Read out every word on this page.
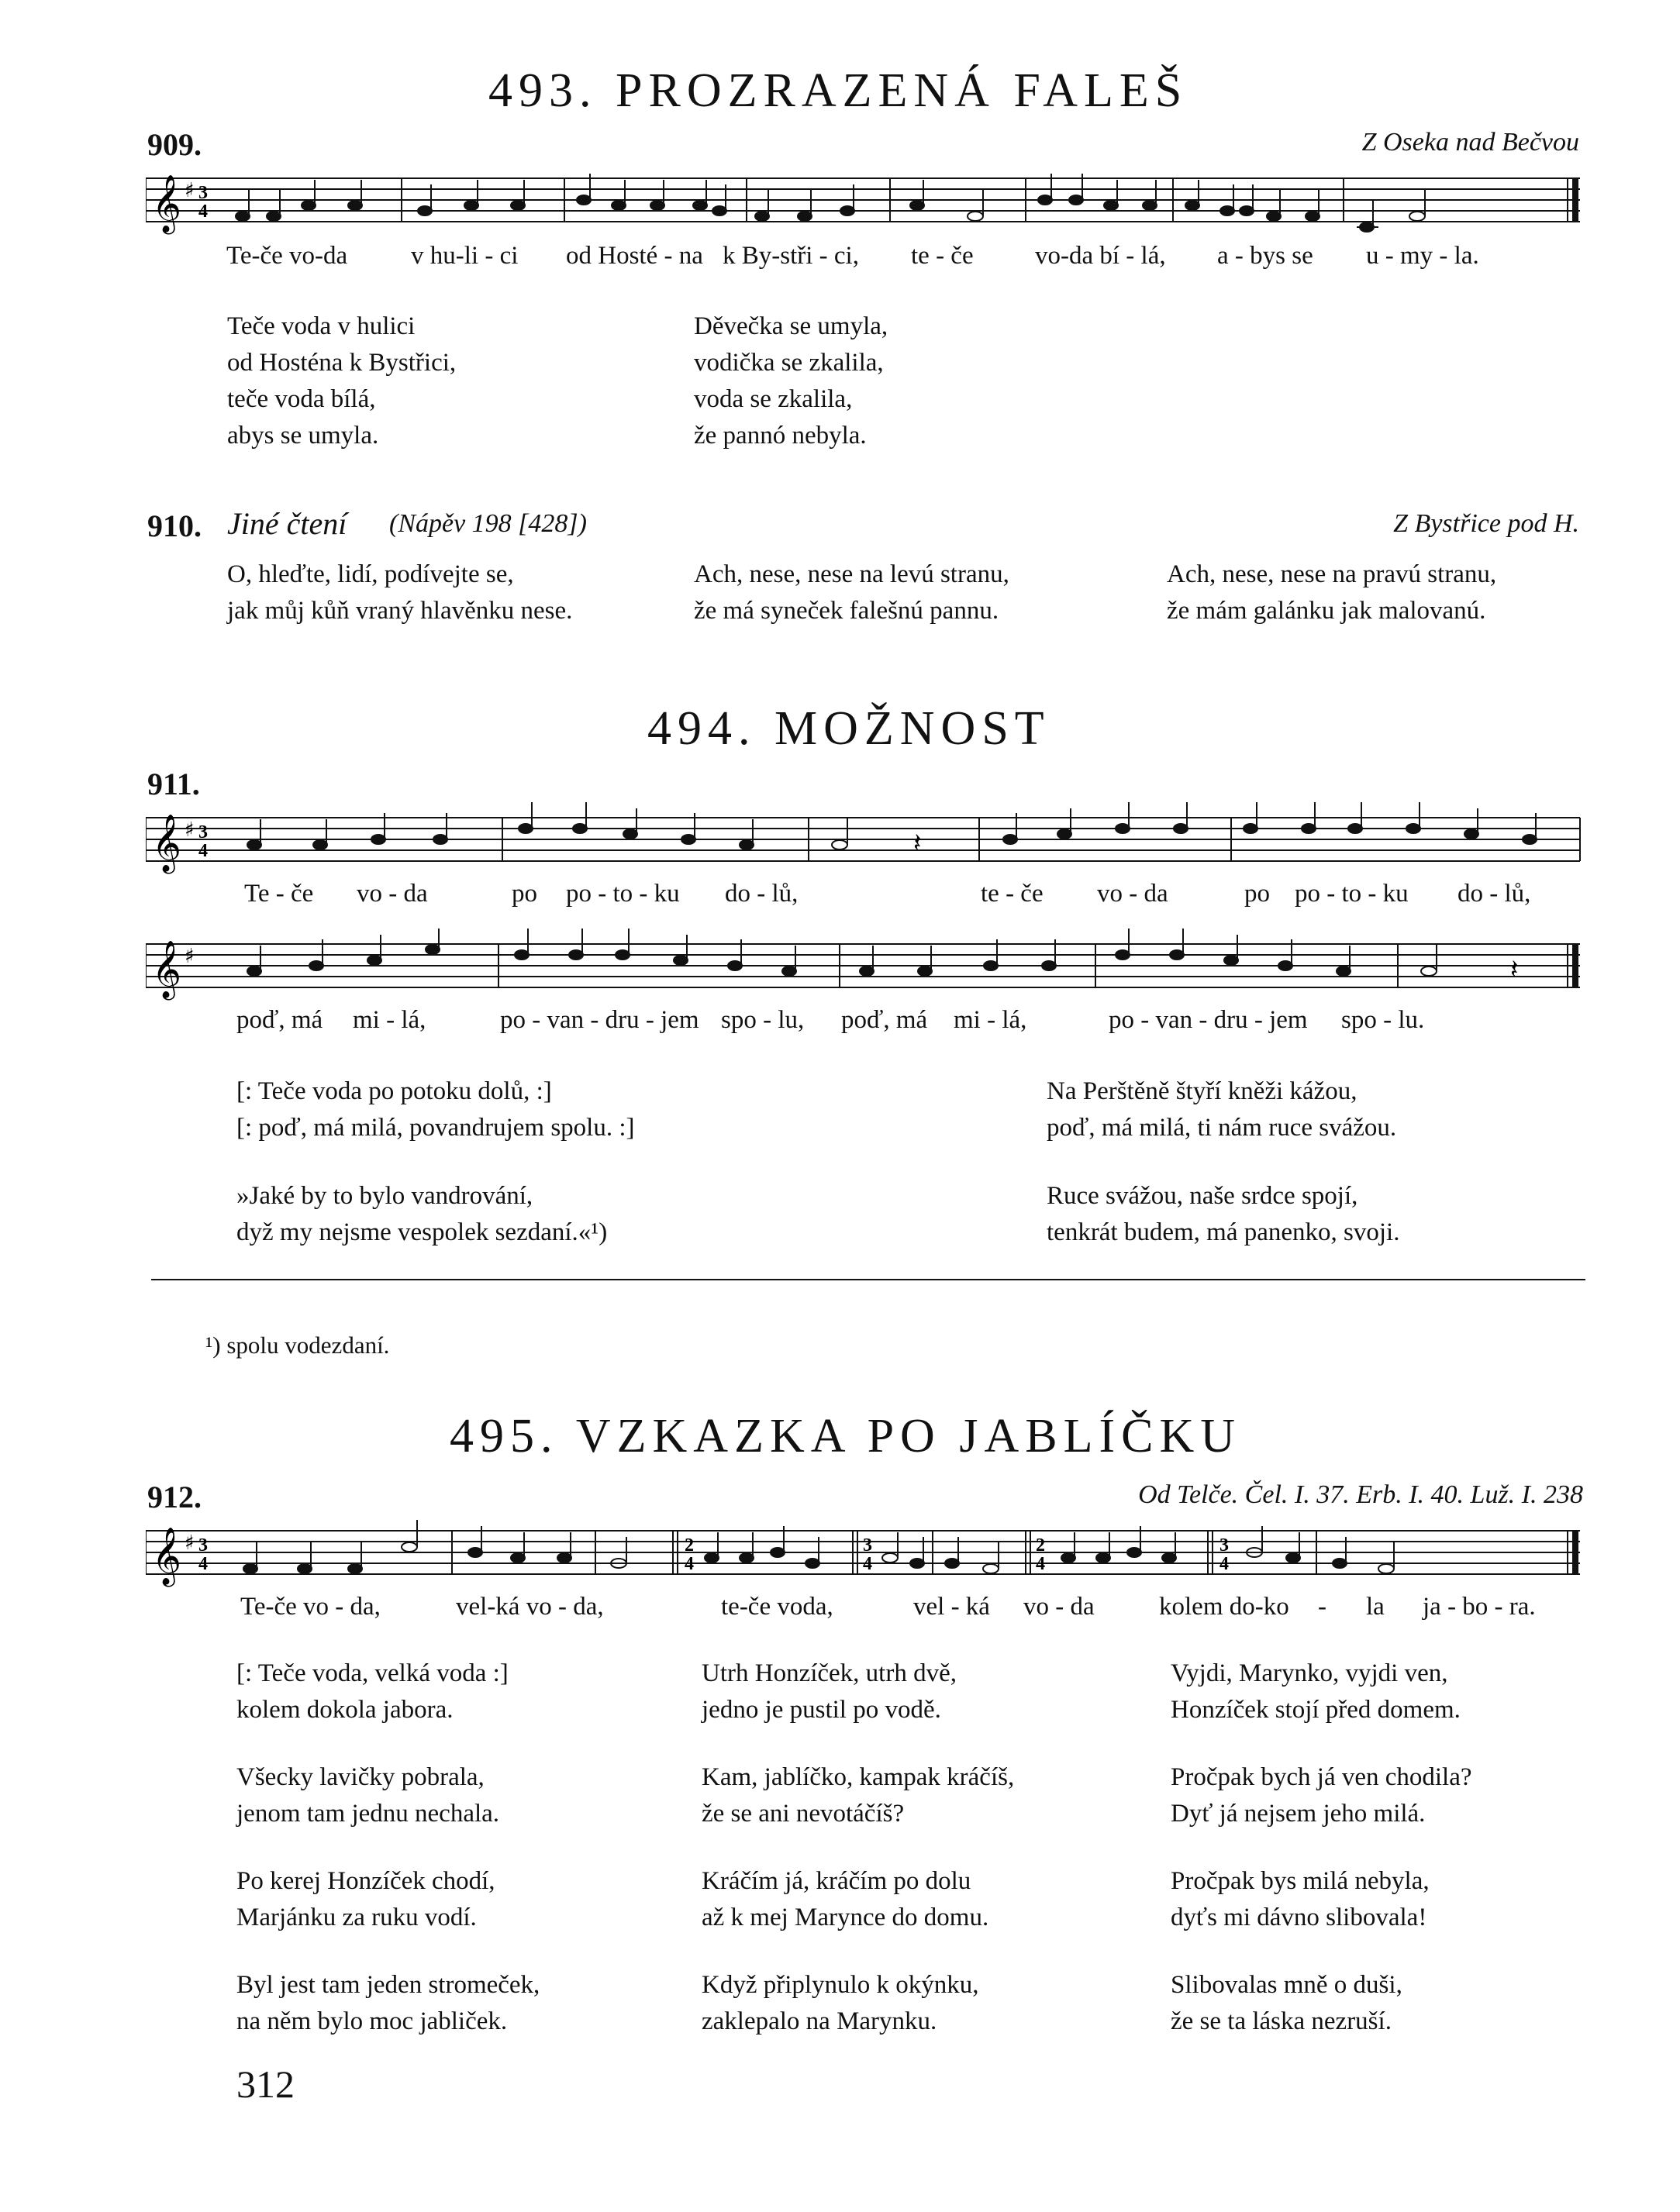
493. PROZRAZENÁ FALEŠ
909.	Z Oseka nad Bečvou
𝄞 ♯ 3
4
Te-če vo-da v hu-li - ci od Hosté - na k By-stři - ci, te - če vo-da bí - lá, a - bys se u - my - la.
Teče voda v hulici
od Hosténa k Bystřici,
teče voda bílá,
abys se umyla.
Děvečka se umyla,
vodička se zkalila,
voda se zkalila,
že pannó nebyla.
910. Jiné čtení (Nápěv 198 [428])	Z Bystřice pod H.
O, hleďte, lidí, podívejte se,
jak můj kůň vraný hlavěnku nese.
Ach, nese, nese na levú stranu,
že má syneček falešnú pannu.
Ach, nese, nese na pravú stranu,
že mám galánku jak malovanú.
494. MOŽNOST
911.
𝄞 ♯ 3
4	𝄽
Te - če vo - da	po po - to - ku do - lů,	te - če vo - da	po po - to - ku do - lů,
𝄞 ♯	𝄽
poď, má mi - lá,	po - van - dru - jem spo - lu, poď, má mi - lá,	po - van - dru - jem spo - lu.
[: Teče voda po potoku dolů, :]
[: poď, má milá, povandrujem spolu. :]
»Jaké by to bylo vandrování,
dyž my nejsme vespolek sezdaní.«¹)
Na Perštěně štyří kněži kážou,
poď, má milá, ti nám ruce svážou.
Ruce svážou, naše srdce spojí,
tenkrát budem, má panenko, svoji.
¹) spolu vodezdaní.
495. VZKAZKA PO JABLÍČKU
912.	Od Telče. Čel. I. 37. Erb. I. 40. Luž. I. 238
𝄞 ♯ 3
4
2
4
3
4
2
4
3
4
Te-če vo - da,	vel-ká vo - da,	te-če voda,	vel - ká vo - da	kolem do-ko - la ja - bo - ra.
[: Teče voda, velká voda :]
kolem dokola jabora.
Všecky lavičky pobrala,
jenom tam jednu nechala.
Po kerej Honzíček chodí,
Marjánku za ruku vodí.
Byl jest tam jeden stromeček,
na něm bylo moc jabliček.
Utrh Honzíček, utrh dvě,
jedno je pustil po vodě.
Kam, jablíčko, kampak kráčíš,
že se ani nevotáčíš?
Kráčím já, kráčím po dolu
až k mej Marynce do domu.
Když připlynulo k okýnku,
zaklepalo na Marynku.
Vyjdi, Marynko, vyjdi ven,
Honzíček stojí před domem.
Pročpak bych já ven chodila?
Dyť já nejsem jeho milá.
Pročpak bys milá nebyla,
dyťs mi dávno slibovala!
Slibovalas mně o duši,
že se ta láska nezruší.
312
